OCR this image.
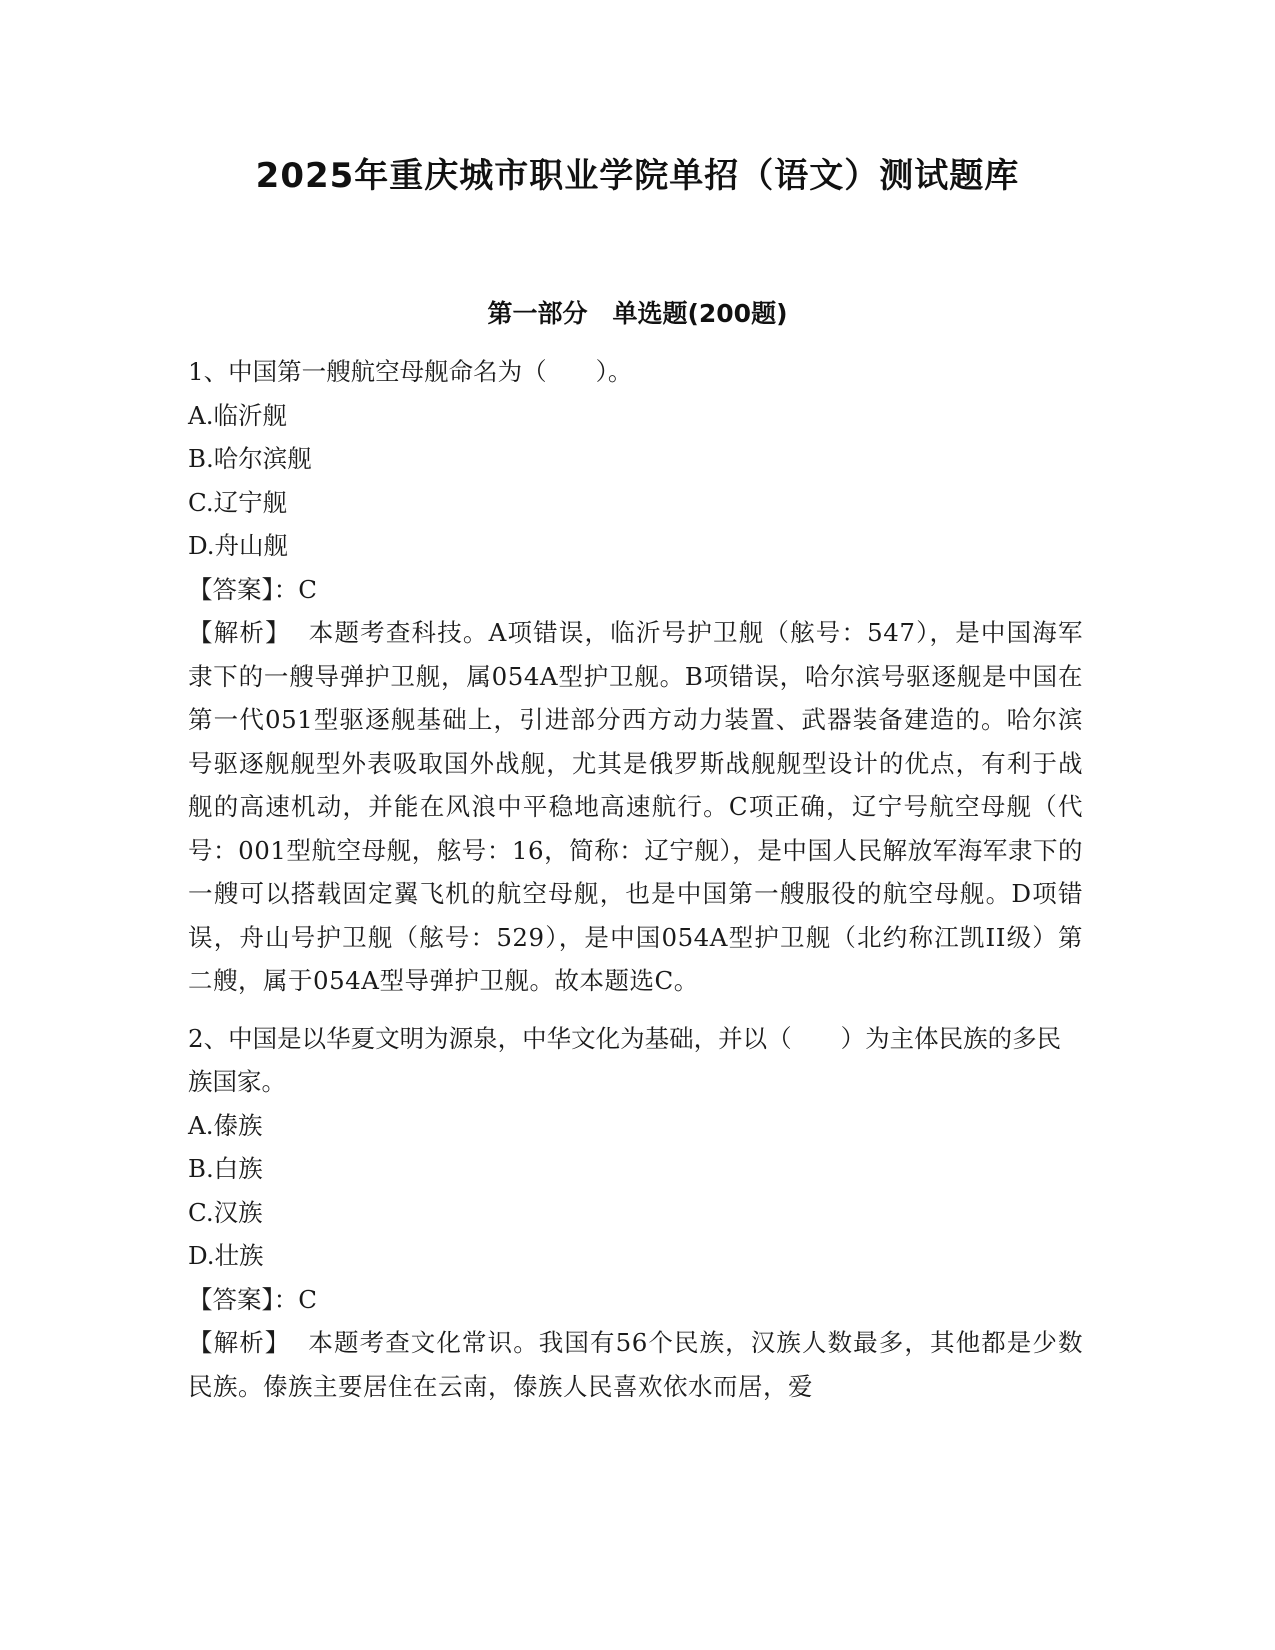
2025年重庆城市职业学院单招（语文）测试题库
第一部分　单选题(200题)

1、中国第一艘航空母舰命名为（　　）。

A.临沂舰

B.哈尔滨舰

C.辽宁舰

D.舟山舰

【答案】：C

【解析】 本题考查科技。A项错误，临沂号护卫舰（舷号：547），是中国海军隶下的一艘导弹护卫舰，属054A型护卫舰。B项错误，哈尔滨号驱逐舰是中国在第一代051型驱逐舰基础上，引进部分西方动力装置、武器装备建造的。哈尔滨号驱逐舰舰型外表吸取国外战舰，尤其是俄罗斯战舰舰型设计的优点，有利于战舰的高速机动，并能在风浪中平稳地高速航行。C项正确，辽宁号航空母舰（代号：001型航空母舰，舷号：16，简称：辽宁舰），是中国人民解放军海军隶下的一艘可以搭载固定翼飞机的航空母舰，也是中国第一艘服役的航空母舰。D项错误，舟山号护卫舰（舷号：529），是中国054A型护卫舰（北约称江凯II级）第二艘，属于054A型导弹护卫舰。故本题选C。

2、中国是以华夏文明为源泉，中华文化为基础，并以（　　）为主体民族的多民族国家。

A.傣族

B.白族

C.汉族

D.壮族

【答案】：C

【解析】 本题考查文化常识。我国有56个民族，汉族人数最多，其他都是少数民族。傣族主要居住在云南，傣族人民喜欢依水而居，爱
